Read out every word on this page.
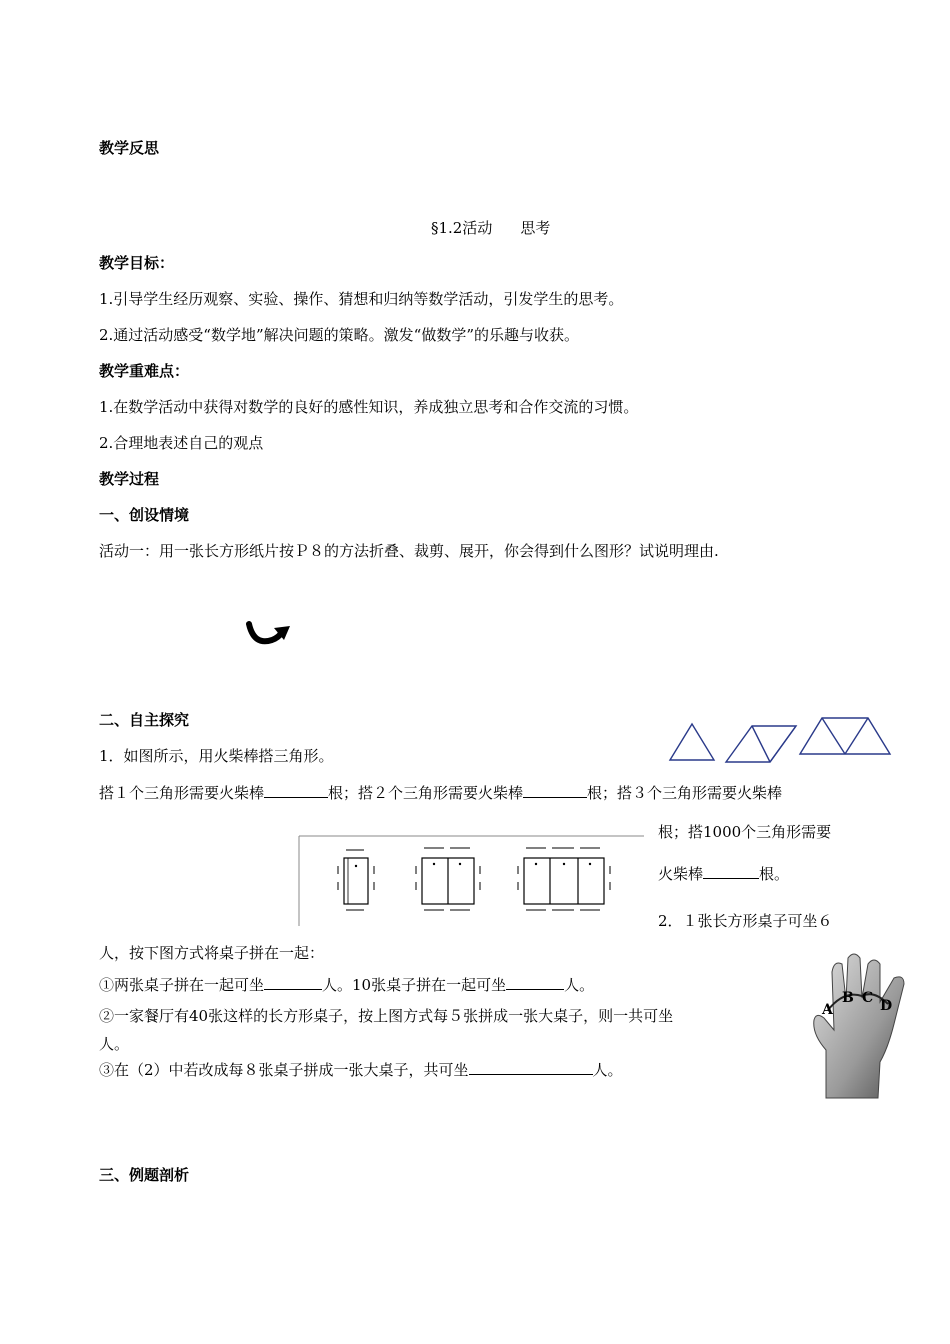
教学反思
§1.2活动 思考
教学目标：
1.引导学生经历观察、实验、操作、猜想和归纳等数学活动，引发学生的思考。
2.通过活动感受“数学地”解决问题的策略。激发“做数学”的乐趣与收获。
教学重难点：
1.在数学活动中获得对数学的良好的感性知识，养成独立思考和合作交流的习惯。
2.合理地表述自己的观点
教学过程
一、创设情境
活动一：用一张长方形纸片按Ｐ８的方法折叠、裁剪、展开，你会得到什么图形？试说明理由.
二、自主探究
1．如图所示，用火柴棒搭三角形。
搭１个三角形需要火柴棒	根；搭２个三角形需要火柴棒	根；搭３个三角形需要火柴棒
根；搭1000个三角形需要
火柴棒	根。
2．１张长方形桌子可坐６
人，按下图方式将桌子拼在一起：
①两张桌子拼在一起可坐	人。10张桌子拼在一起可坐	人。
②一家餐厅有40张这样的长方形桌子，按上图方式每５张拼成一张大桌子，则一共可坐
人。
③在（2）中若改成每８张桌子拼成一张大桌子，共可坐	人。
A
B C D
三、例题剖析
